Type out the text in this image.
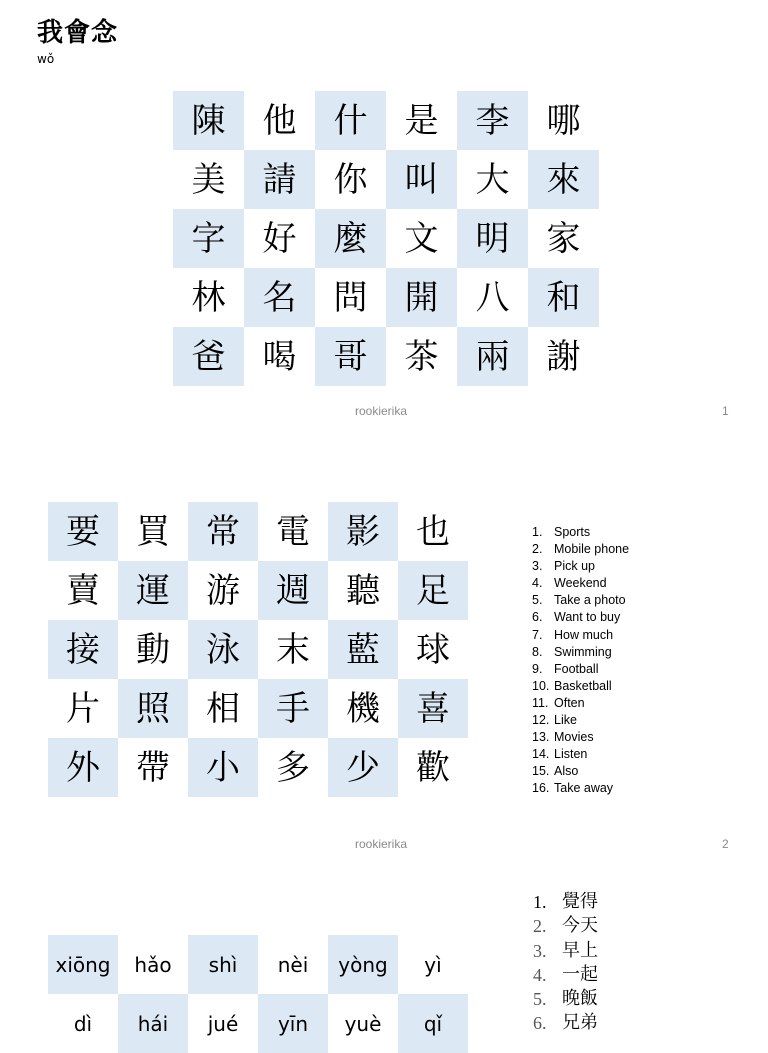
我會念
wǒ
陳	他	什	是	李	哪
美	請	你	叫	大	來
字	好	麼	文	明	家
林	名	問	開	八	和
爸	喝	哥	茶	兩	謝
rookierika	1
要	買	常	電	影	也
賣	運	游	週	聽	足
接	動	泳	末	藍	球
片	照	相	手	機	喜
外	帶	小	多	少	歡
1. Sports
2. Mobile phone
3. Pick up
4. Weekend
5. Take a photo
6. Want to buy
7. How much
8. Swimming
9. Football
10. Basketball
11. Often
12. Like
13. Movies
14. Listen
15. Also
16. Take away
rookierika	2
1. 覺得
2. 今天
3. 早上
4. 一起
5. 晚飯
6. 兄弟
xiōng	hǎo	shì	nèi	yòng	yì
dì	hái	jué	yīn	yuè	qǐ
